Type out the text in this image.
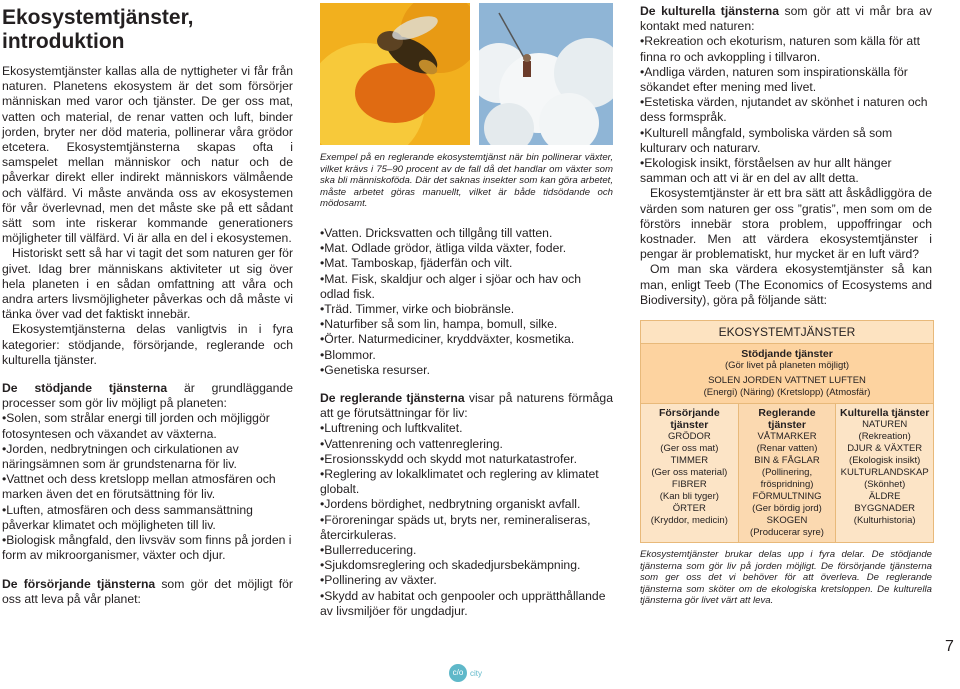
Ekosystemtjänster, introduktion

Ekosystemtjänster kallas alla de nyttigheter vi får från naturen. Planetens ekosystem är det som försörjer människan med varor och tjänster. De ger oss mat, vatten och material, de renar vatten och luft, binder jorden, bryter ner död materia, pollinerar våra grödor etcetera. Ekosystemtjänsterna skapas ofta i samspelet mellan människor och natur och de påverkar direkt eller indirekt människors välmående och välfärd. Vi måste använda oss av ekosystemen för vår överlevnad, men det måste ske på ett sådant sätt som inte riskerar kommande generationers möjligheter till välfärd. Vi är alla en del i ekosystemen.

Historiskt sett så har vi tagit det som naturen ger för givet. Idag brer människans aktiviteter ut sig över hela planeten i en sådan omfattning att våra och andra arters livsmöjligheter påverkas och då måste vi tänka över vad det faktiskt innebär.

Ekosystemtjänsterna delas vanligtvis in i fyra kategorier: stödjande, försörjande, reglerande och kulturella tjänster.

De stödjande tjänsterna är grundläggande processer som gör liv möjligt på planeten:

• Solen, som strålar energi till jorden och möjliggör fotosyntesen och växandet av växterna.
• Jorden, nedbrytningen och cirkulationen av näringsämnen som är grundstenarna för liv.
• Vattnet och dess kretslopp mellan atmosfären och marken även det en förutsättning för liv.
• Luften, atmosfären och dess sammansättning påverkar klimatet och möjligheten till liv.
• Biologisk mångfald, den livsväv som finns på jorden i form av mikroorganismer, växter och djur.

De försörjande tjänsterna som gör det möjligt för oss att leva på vår planet:

Exempel på en reglerande ekosystemtjänst när bin pollinerar växter, vilket krävs i 75–90 procent av de fall då det handlar om växter som ska bli människoföda. Där det saknas insekter som kan göra arbetet, måste arbetet göras manuellt, vilket är både tidsödande och mödosamt.

• Vatten. Dricksvatten och tillgång till vatten.
• Mat. Odlade grödor, ätliga vilda växter, foder.
• Mat. Tamboskap, fjäderfän och vilt.
• Mat. Fisk, skaldjur och alger i sjöar och hav och odlad fisk.
• Träd. Timmer, virke och biobränsle.
• Naturfiber så som lin, hampa, bomull, silke.
• Örter. Naturmediciner, kryddväxter, kosmetika.
• Blommor.
• Genetiska resurser.

De reglerande tjänsterna visar på naturens förmåga att ge förutsättningar för liv:

• Luftrening och luftkvalitet.
• Vattenrening och vattenreglering.
• Erosionsskydd och skydd mot naturkatastrofer.
• Reglering av lokalklimatet och reglering av klimatet globalt.
• Jordens bördighet, nedbrytning organiskt avfall.
• Föroreningar späds ut, bryts ner, remineraliseras, återcirkuleras.
• Bullerreducering.
• Sjukdomsreglering och skadedjursbekämpning.
• Pollinering av växter.
• Skydd av habitat och genpooler och upprätthållande av livsmiljöer för ungdadjur.

De kulturella tjänsterna som gör att vi mår bra av kontakt med naturen:

• Rekreation och ekoturism, naturen som källa för att finna ro och avkoppling i tillvaron.
• Andliga värden, naturen som inspirationskälla för sökandet efter mening med livet.
• Estetiska värden, njutandet av skönhet i naturen och dess formspråk.
• Kulturell mångfald, symboliska värden så som kulturarv och naturarv.
• Ekologisk insikt, förståelsen av hur allt hänger samman och att vi är en del av allt detta.

Ekosystemtjänster är ett bra sätt att åskådliggöra de värden som naturen ger oss ”gratis”, men som om de förstörs innebär stora problem, uppoffringar och kostnader. Men att värdera ekosystemtjänster i pengar är problematiskt, hur mycket är en luft värd?

Om man ska värdera ekosystemtjänster så kan man, enligt Teeb (The Economics of Ecosystems and Biodiversity), göra på följande sätt:

EKOSYSTEMTJÄNSTER
Stödjande tjänster
(Gör livet på planeten möjligt)
SOLEN JORDEN VATTNET LUFTEN
(Energi) (Näring) (Kretslopp) (Atmosfär)
Försörjande tjänster
GRÖDOR
(Ger oss mat)
TIMMER
(Ger oss material)
FIBRER
(Kan bli tyger)
ÖRTER
(Kryddor, medicin)
Reglerande tjänster
VÅTMARKER
(Renar vatten)
BIN & FÅGLAR
(Pollinering, fröspridning)
FÖRMULTNING
(Ger bördig jord)
SKOGEN
(Producerar syre)
Kulturella tjänster
NATUREN
(Rekreation)
DJUR & VÄXTER
(Ekologisk insikt)
KULTURLANDSKAP
(Skönhet)
ÄLDRE BYGGNADER
(Kulturhistoria)

Ekosystemtjänster brukar delas upp i fyra delar. De stödjande tjänsterna som gör liv på jorden möjligt. De försörjande tjänsterna som ger oss det vi behöver för att överleva. De reglerande tjänsterna som sköter om de ekologiska kretsloppen. De kulturella tjänsterna gör livet värt att leva.

7
c/o city
